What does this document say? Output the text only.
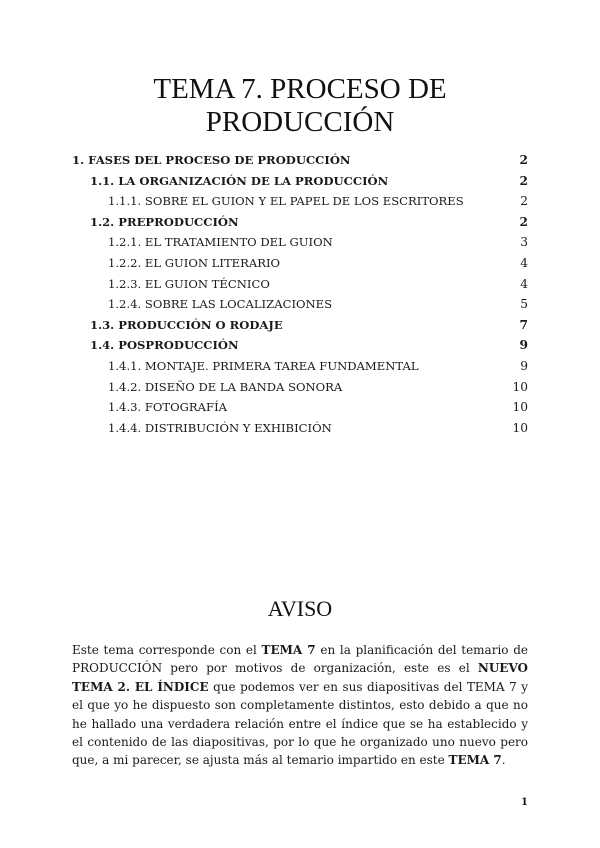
TEMA 7. PROCESO DE
PRODUCCIÓN
1. FASES DEL PROCESO DE PRODUCCIÓN	2
1.1. LA ORGANIZACIÓN DE LA PRODUCCIÓN	2
1.1.1. SOBRE EL GUION Y EL PAPEL DE LOS ESCRITORES	2
1.2. PREPRODUCCIÓN	2
1.2.1. EL TRATAMIENTO DEL GUION	3
1.2.2. EL GUION LITERARIO	4
1.2.3. EL GUION TÉCNICO	4
1.2.4. SOBRE LAS LOCALIZACIONES	5
1.3. PRODUCCIÓN O RODAJE	7
1.4. POSPRODUCCIÓN	9
1.4.1. MONTAJE. PRIMERA TAREA FUNDAMENTAL	9
1.4.2. DISEÑO DE LA BANDA SONORA	10
1.4.3. FOTOGRAFÍA	10
1.4.4. DISTRIBUCIÓN Y EXHIBICIÓN	10
AVISO

Este tema corresponde con el TEMA 7 en la planificación del temario de PRODUCCIÓN pero por motivos de organización, este es el NUEVO TEMA 2. EL ÍNDICE que podemos ver en sus diapositivas del TEMA 7 y el que yo he dispuesto son completamente distintos, esto debido a que no he hallado una verdadera relación entre el índice que se ha establecido y el contenido de las diapositivas, por lo que he organizado uno nuevo pero que, a mi parecer, se ajusta más al temario impartido en este TEMA 7.

1
